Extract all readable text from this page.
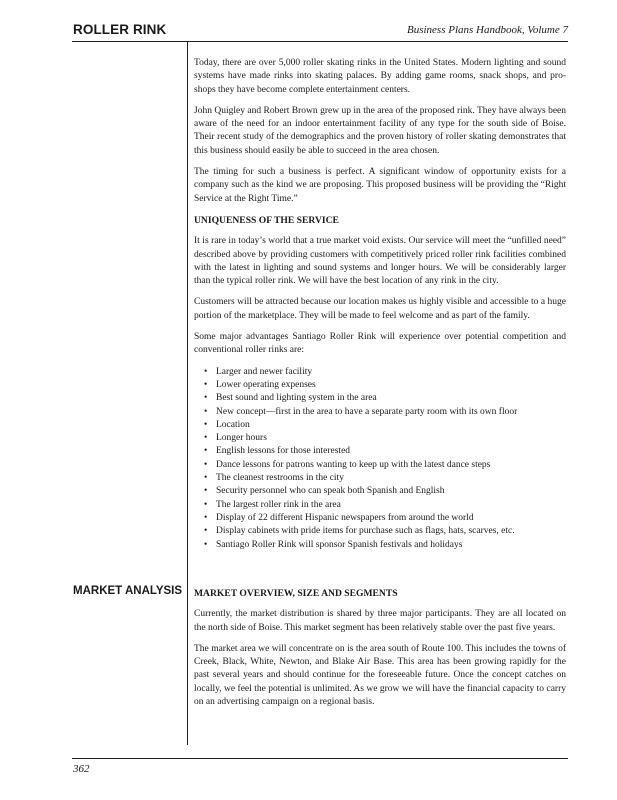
ROLLER RINK	Business Plans Handbook, Volume 7

Today, there are over 5,000 roller skating rinks in the United States. Modern lighting and sound systems have made rinks into skating palaces. By adding game rooms, snack shops, and pro-shops they have become complete entertainment centers.

John Quigley and Robert Brown grew up in the area of the proposed rink. They have always been aware of the need for an indoor entertainment facility of any type for the south side of Boise. Their recent study of the demographics and the proven history of roller skating demonstrates that this business should easily be able to succeed in the area chosen.

The timing for such a business is perfect. A significant window of opportunity exists for a company such as the kind we are proposing. This proposed business will be providing the “Right Service at the Right Time.”

UNIQUENESS OF THE SERVICE

It is rare in today’s world that a true market void exists. Our service will meet the “unfilled need” described above by providing customers with competitively priced roller rink facilities combined with the latest in lighting and sound systems and longer hours. We will be considerably larger than the typical roller rink. We will have the best location of any rink in the city.

Customers will be attracted because our location makes us highly visible and accessible to a huge portion of the marketplace. They will be made to feel welcome and as part of the family.

Some major advantages Santiago Roller Rink will experience over potential competition and conventional roller rinks are:

• Larger and newer facility
• Lower operating expenses
• Best sound and lighting system in the area
• New concept—first in the area to have a separate party room with its own floor
• Location
• Longer hours
• English lessons for those interested
• Dance lessons for patrons wanting to keep up with the latest dance steps
• The cleanest restrooms in the city
• Security personnel who can speak both Spanish and English
• The largest roller rink in the area
• Display of 22 different Hispanic newspapers from around the world
• Display cabinets with pride items for purchase such as flags, hats, scarves, etc.
• Santiago Roller Rink will sponsor Spanish festivals and holidays
MARKET ANALYSIS MARKET OVERVIEW, SIZE AND SEGMENTS

Currently, the market distribution is shared by three major participants. They are all located on the north side of Boise. This market segment has been relatively stable over the past five years.

The market area we will concentrate on is the area south of Route 100. This includes the towns of Creek, Black, White, Newton, and Blake Air Base. This area has been growing rapidly for the past several years and should continue for the foreseeable future. Once the concept catches on locally, we feel the potential is unlimited. As we grow we will have the financial capacity to carry on an advertising campaign on a regional basis.

362
